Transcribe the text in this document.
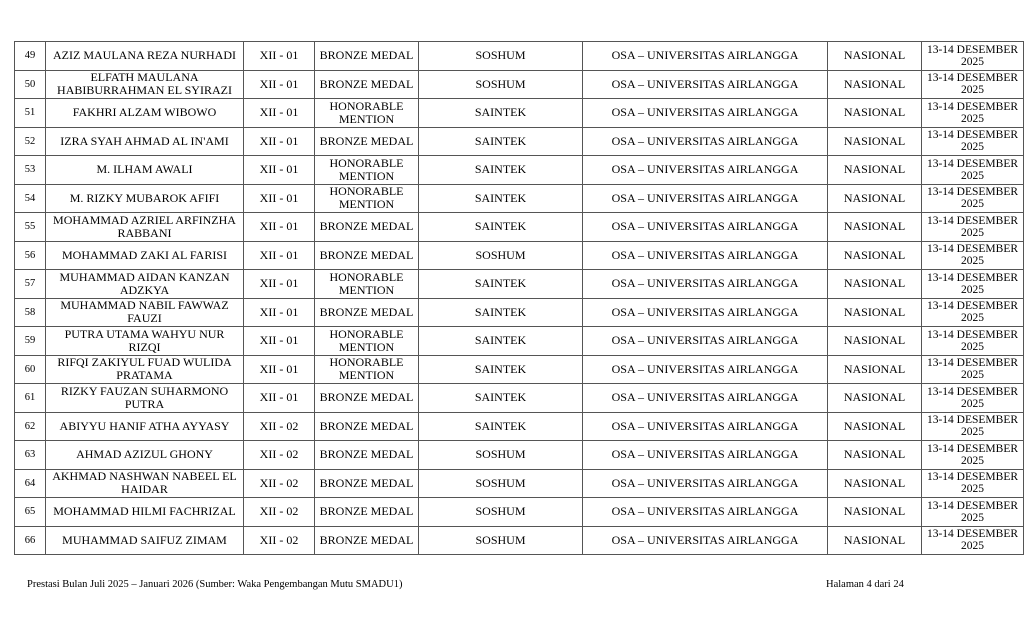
49	AZIZ MAULANA REZA NURHADI	XII - 01	BRONZE MEDAL	SOSHUM	OSA – UNIVERSITAS AIRLANGGA	NASIONAL	13-14 DESEMBER 2025
50	ELFATH MAULANA HABIBURRAHMAN EL SYIRAZI	XII - 01	BRONZE MEDAL	SOSHUM	OSA – UNIVERSITAS AIRLANGGA	NASIONAL	13-14 DESEMBER 2025
51	FAKHRI ALZAM WIBOWO	XII - 01	HONORABLE MENTION	SAINTEK	OSA – UNIVERSITAS AIRLANGGA	NASIONAL	13-14 DESEMBER 2025
52	IZRA SYAH AHMAD AL IN'AMI	XII - 01	BRONZE MEDAL	SAINTEK	OSA – UNIVERSITAS AIRLANGGA	NASIONAL	13-14 DESEMBER 2025
53	M. ILHAM AWALI	XII - 01	HONORABLE MENTION	SAINTEK	OSA – UNIVERSITAS AIRLANGGA	NASIONAL	13-14 DESEMBER 2025
54	M. RIZKY MUBAROK AFIFI	XII - 01	HONORABLE MENTION	SAINTEK	OSA – UNIVERSITAS AIRLANGGA	NASIONAL	13-14 DESEMBER 2025
55	MOHAMMAD AZRIEL ARFINZHA RABBANI	XII - 01	BRONZE MEDAL	SAINTEK	OSA – UNIVERSITAS AIRLANGGA	NASIONAL	13-14 DESEMBER 2025
56	MOHAMMAD ZAKI AL FARISI	XII - 01	BRONZE MEDAL	SOSHUM	OSA – UNIVERSITAS AIRLANGGA	NASIONAL	13-14 DESEMBER 2025
57	MUHAMMAD AIDAN KANZAN ADZKYA	XII - 01	HONORABLE MENTION	SAINTEK	OSA – UNIVERSITAS AIRLANGGA	NASIONAL	13-14 DESEMBER 2025
58	MUHAMMAD NABIL FAWWAZ FAUZI	XII - 01	BRONZE MEDAL	SAINTEK	OSA – UNIVERSITAS AIRLANGGA	NASIONAL	13-14 DESEMBER 2025
59	PUTRA UTAMA WAHYU NUR RIZQI	XII - 01	HONORABLE MENTION	SAINTEK	OSA – UNIVERSITAS AIRLANGGA	NASIONAL	13-14 DESEMBER 2025
60	RIFQI ZAKIYUL FUAD WULIDA PRATAMA	XII - 01	HONORABLE MENTION	SAINTEK	OSA – UNIVERSITAS AIRLANGGA	NASIONAL	13-14 DESEMBER 2025
61	RIZKY FAUZAN SUHARMONO PUTRA	XII - 01	BRONZE MEDAL	SAINTEK	OSA – UNIVERSITAS AIRLANGGA	NASIONAL	13-14 DESEMBER 2025
62	ABIYYU HANIF ATHA AYYASY	XII - 02	BRONZE MEDAL	SAINTEK	OSA – UNIVERSITAS AIRLANGGA	NASIONAL	13-14 DESEMBER 2025
63	AHMAD AZIZUL GHONY	XII - 02	BRONZE MEDAL	SOSHUM	OSA – UNIVERSITAS AIRLANGGA	NASIONAL	13-14 DESEMBER 2025
64	AKHMAD NASHWAN NABEEL EL HAIDAR	XII - 02	BRONZE MEDAL	SOSHUM	OSA – UNIVERSITAS AIRLANGGA	NASIONAL	13-14 DESEMBER 2025
65	MOHAMMAD HILMI FACHRIZAL	XII - 02	BRONZE MEDAL	SOSHUM	OSA – UNIVERSITAS AIRLANGGA	NASIONAL	13-14 DESEMBER 2025
66	MUHAMMAD SAIFUZ ZIMAM	XII - 02	BRONZE MEDAL	SOSHUM	OSA – UNIVERSITAS AIRLANGGA	NASIONAL	13-14 DESEMBER 2025
Prestasi Bulan Juli 2025 – Januari 2026 (Sumber: Waka Pengembangan Mutu SMADU1)	Halaman 4 dari 24
